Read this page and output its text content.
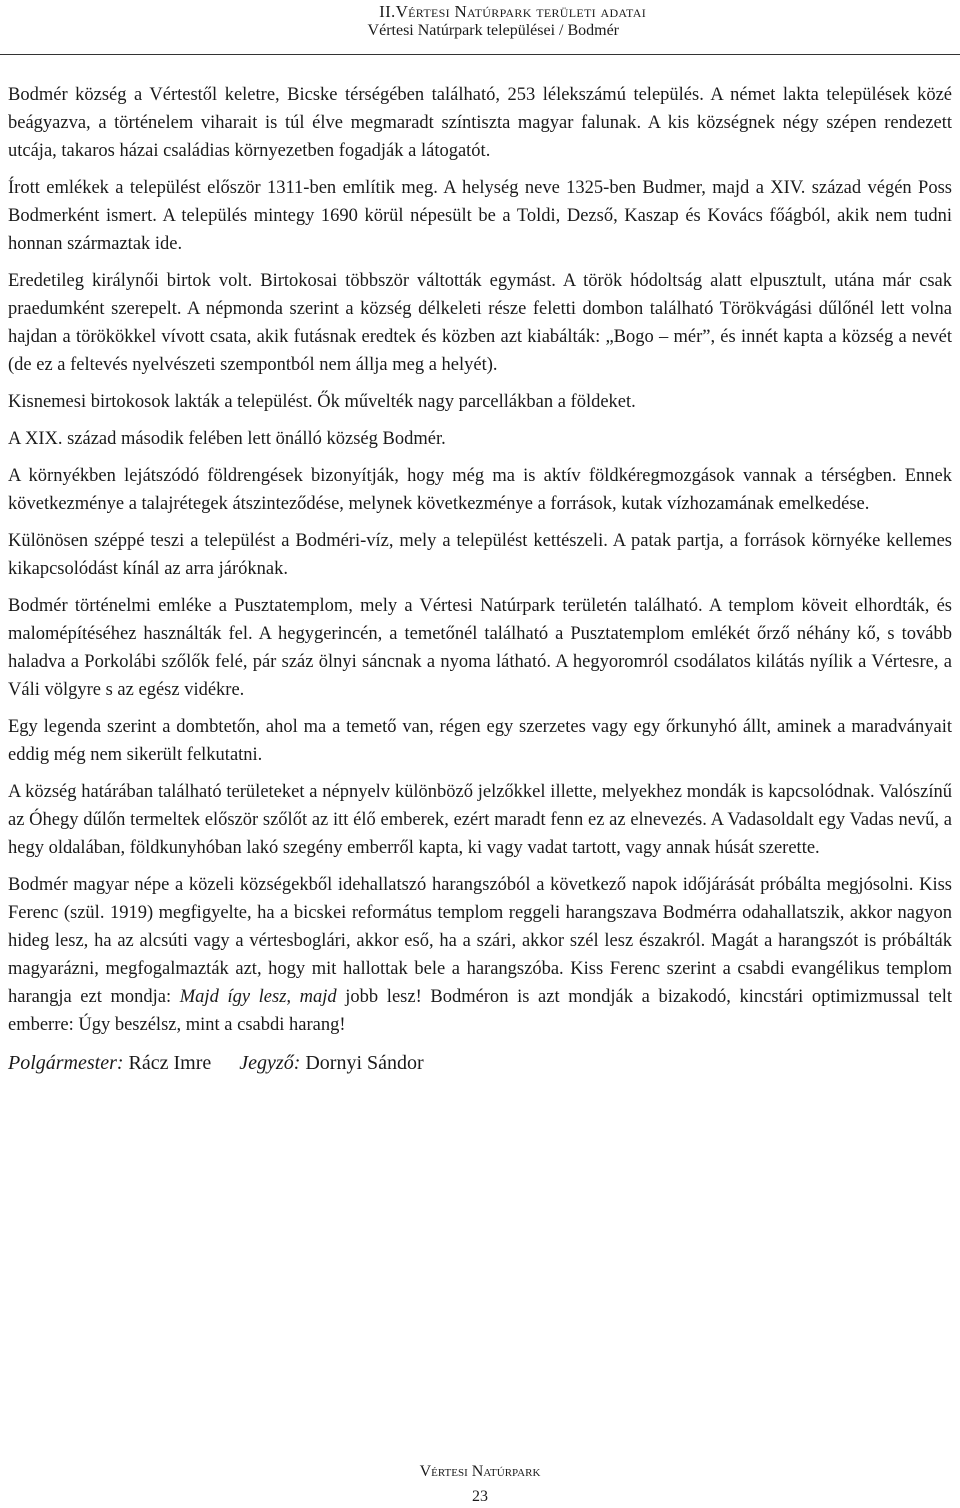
II.Vértesi Natúrpark területi adatai
Vértesi Natúrpark települései / Bodmér

Bodmér község a Vértestől keletre, Bicske térségében található, 253 lélekszámú település. A német lakta települések közé beágyazva, a történelem viharait is túl élve megmaradt színtiszta magyar falunak. A kis községnek négy szépen rendezett utcája, takaros házai családias környezetben fogadják a látogatót.

Írott emlékek a települést először 1311-ben említik meg. A helység neve 1325-ben Budmer, majd a XIV. század végén Poss Bodmerként ismert. A település mintegy 1690 körül népesült be a Toldi, Dezső, Kaszap és Kovács főágból, akik nem tudni honnan származtak ide.

Eredetileg királynői birtok volt. Birtokosai többször váltották egymást. A török hódoltság alatt elpusztult, utána már csak praedumként szerepelt. A népmonda szerint a község délkeleti része feletti dombon található Törökvágási dűlőnél lett volna hajdan a törökökkel vívott csata, akik futásnak eredtek és közben azt kiabálták: „Bogo – mér”, és innét kapta a község a nevét (de ez a feltevés nyelvészeti szempontból nem állja meg a helyét).

Kisnemesi birtokosok lakták a települést. Ők művelték nagy parcellákban a földeket.

A XIX. század második felében lett önálló község Bodmér.

A környékben lejátszódó földrengések bizonyítják, hogy még ma is aktív földkéregmozgások vannak a térségben. Ennek következménye a talajrétegek átszinteződése, melynek következménye a források, kutak vízhozamának emelkedése.

Különösen széppé teszi a települést a Bodméri-víz, mely a települést kettészeli. A patak partja, a források környéke kellemes kikapcsolódást kínál az arra járóknak.

Bodmér történelmi emléke a Pusztatemplom, mely a Vértesi Natúrpark területén található. A templom köveit elhordták, és malomépítéséhez használták fel. A hegygerincén, a temetőnél található a Pusztatemplom emlékét őrző néhány kő, s tovább haladva a Porkolábi szőlők felé, pár száz ölnyi sáncnak a nyoma látható. A hegyoromról csodálatos kilátás nyílik a Vértesre, a Váli völgyre s az egész vidékre.

Egy legenda szerint a dombtetőn, ahol ma a temető van, régen egy szerzetes vagy egy őrkunyhó állt, aminek a maradványait eddig még nem sikerült felkutatni.

A község határában található területeket a népnyelv különböző jelzőkkel illette, melyekhez mondák is kapcsolódnak. Valószínű az Óhegy dűlőn termeltek először szőlőt az itt élő emberek, ezért maradt fenn ez az elnevezés. A Vadasoldalt egy Vadas nevű, a hegy oldalában, földkunyhóban lakó szegény emberről kapta, ki vagy vadat tartott, vagy annak húsát szerette.

Bodmér magyar népe a közeli községekből idehallatszó harangszóból a következő napok időjárását próbálta megjósolni. Kiss Ferenc (szül. 1919) megfigyelte, ha a bicskei református templom reggeli harangszava Bodmérra odahallatszik, akkor nagyon hideg lesz, ha az alcsúti vagy a vértesboglári, akkor eső, ha a szári, akkor szél lesz északról. Magát a harangszót is próbálták magyarázni, megfogalmazták azt, hogy mit hallottak bele a harangszóba. Kiss Ferenc szerint a csabdi evangélikus templom harangja ezt mondja: Majd így lesz, majd jobb lesz! Bodméron is azt mondják a bizakodó, kincstári optimizmussal telt emberre: Úgy beszélsz, mint a csabdi harang!

Polgármester: Rácz Imre Jegyző: Dornyi Sándor
Vértesi Natúrpark
23
